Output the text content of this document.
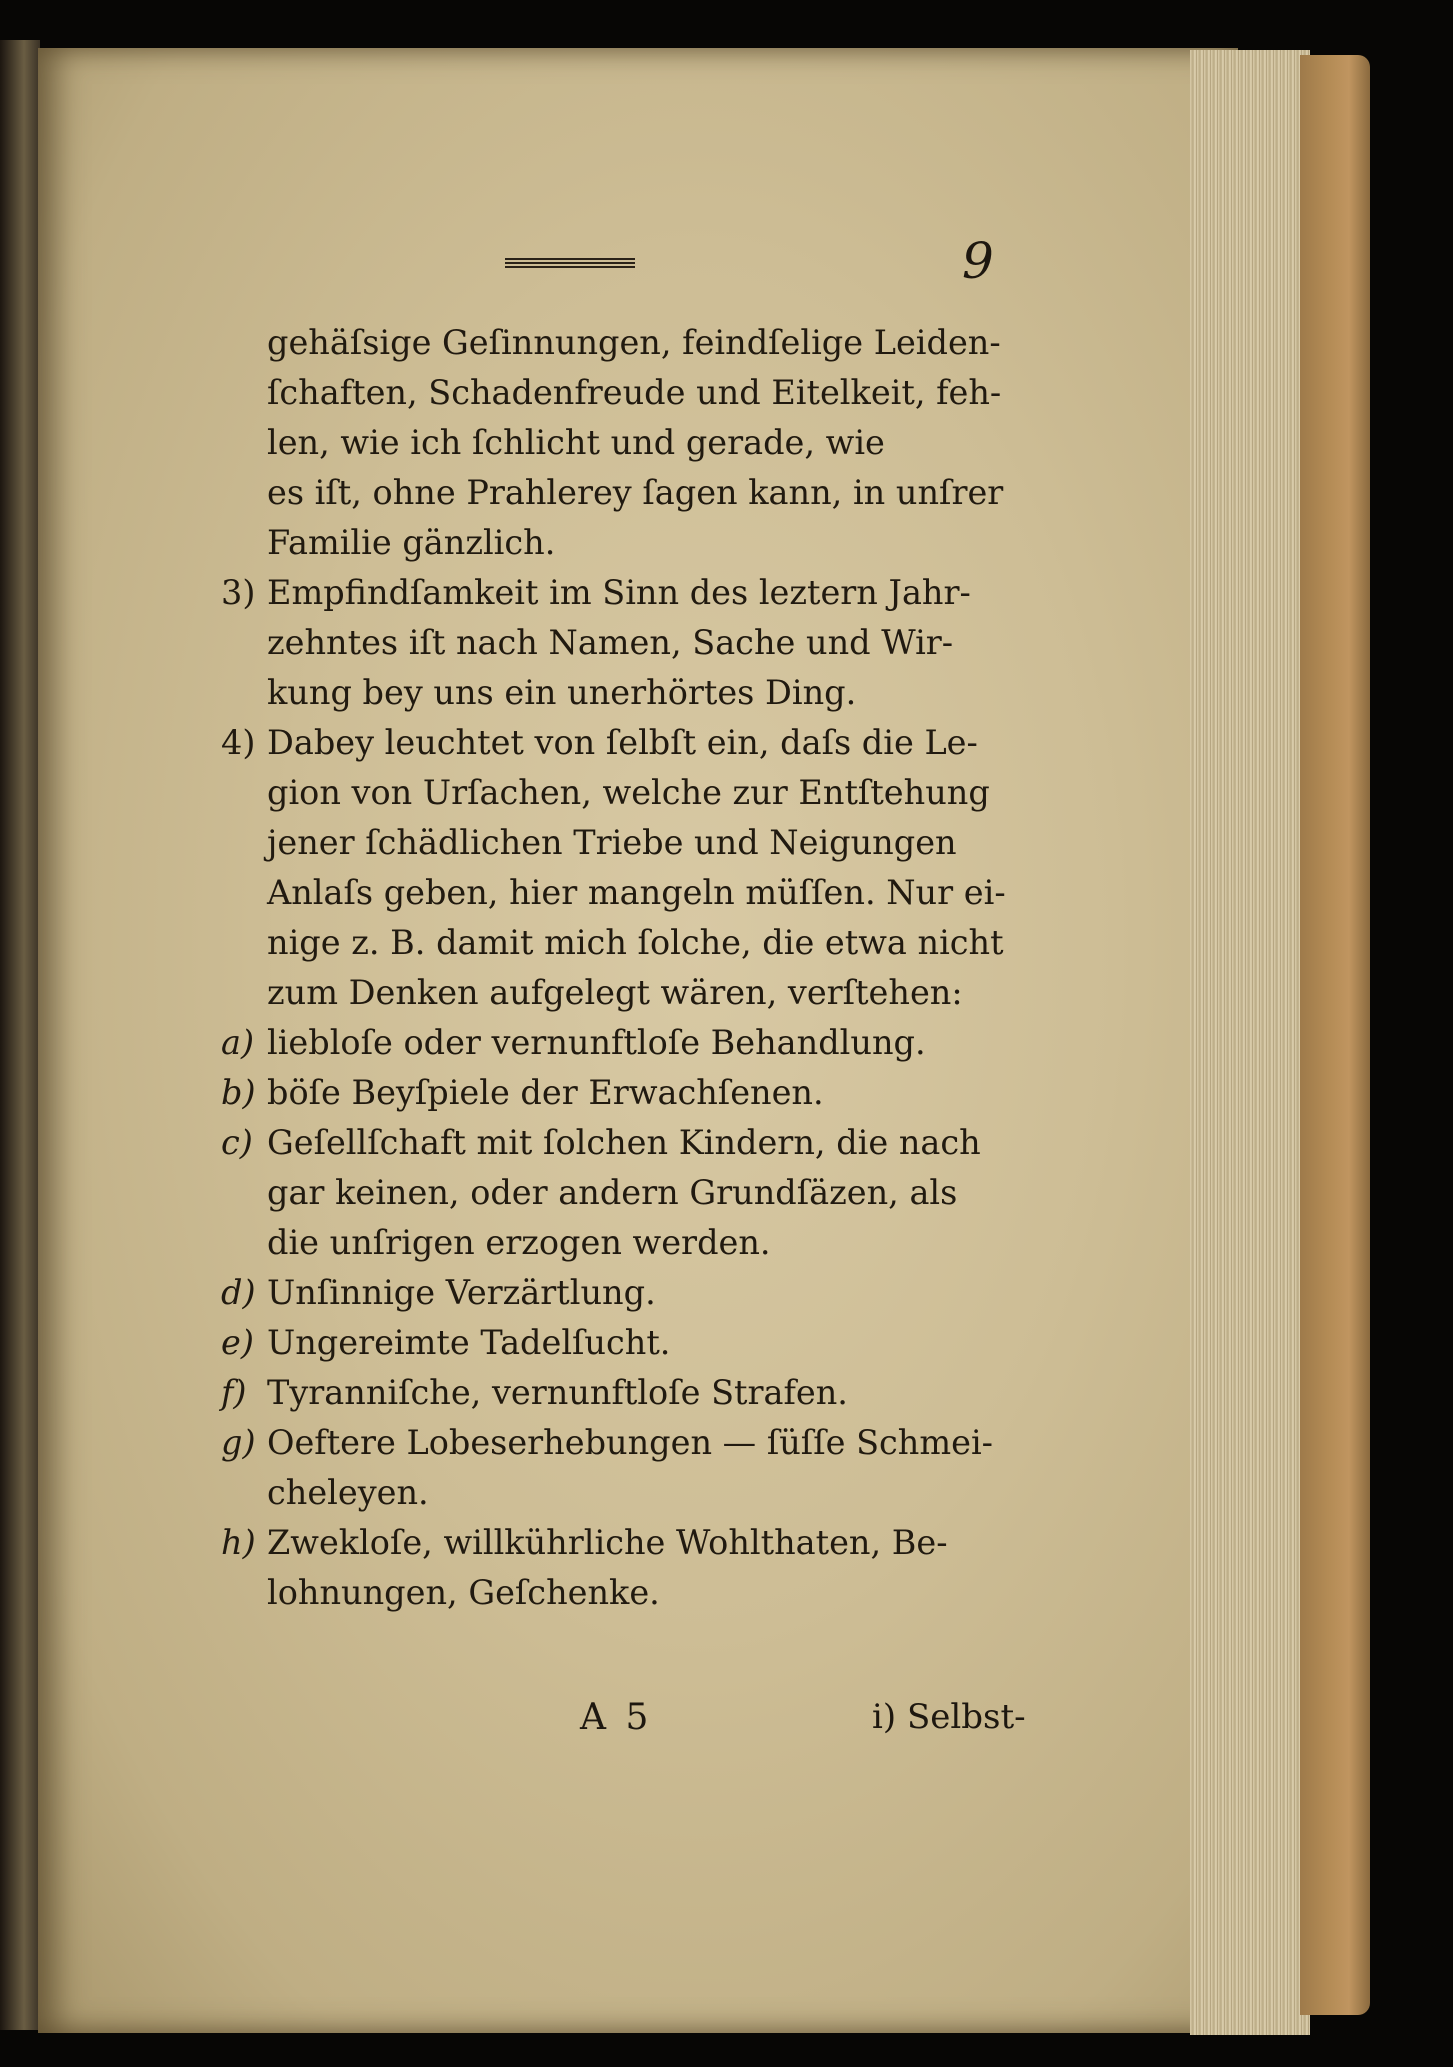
9
gehäſsige Geſinnungen, feindſelige Leiden-
ſchaften, Schadenfreude und Eitelkeit, feh-
len, wie ich ſchlicht und gerade, wie
es iſt, ohne Prahlerey ſagen kann, in unſrer
Familie gänzlich.
3) Empfindſamkeit im Sinn des leztern Jahr-
zehntes iſt nach Namen, Sache und Wir-
kung bey uns ein unerhörtes Ding.
4) Dabey leuchtet von ſelbſt ein, daſs die Le-
gion von Urſachen, welche zur Entſtehung
jener ſchädlichen Triebe und Neigungen
Anlaſs geben, hier mangeln müſſen. Nur ei-
nige z. B. damit mich ſolche, die etwa nicht
zum Denken aufgelegt wären, verſtehen:
a) liebloſe oder vernunftloſe Behandlung.
b) böſe Beyſpiele der Erwachſenen.
c) Geſellſchaft mit ſolchen Kindern, die nach
gar keinen, oder andern Grundſäzen, als
die unſrigen erzogen werden.
d) Unſinnige Verzärtlung.
e) Ungereimte Tadelſucht.
f) Tyranniſche, vernunftloſe Strafen.
g) Oeftere Lobeserhebungen — ſüſſe Schmei-
cheleyen.
h) Zwekloſe, willkührliche Wohlthaten, Be-
lohnungen, Geſchenke.
A 5	i) Selbst-
